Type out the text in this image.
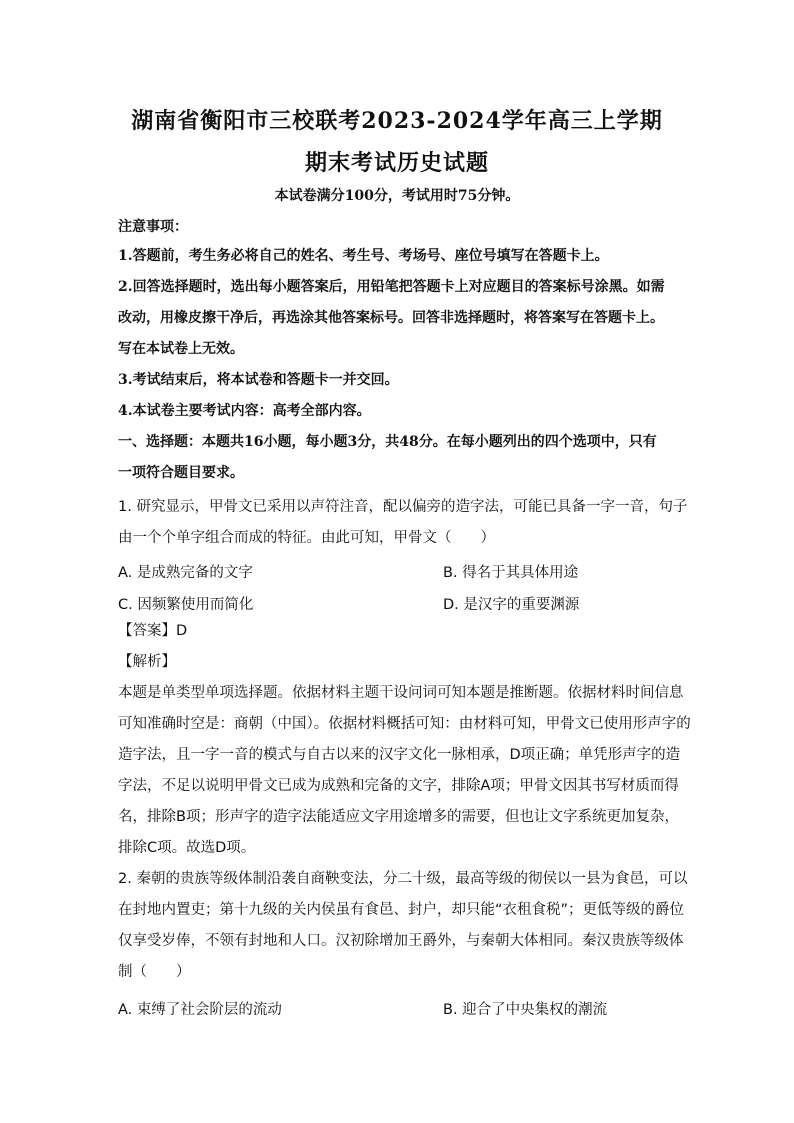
湖南省衡阳市三校联考2023-2024学年高三上学期
期末考试历史试题
本试卷满分100分，考试用时75分钟。
注意事项：
1.答题前，考生务必将自己的姓名、考生号、考场号、座位号填写在答题卡上。
2.回答选择题时，选出每小题答案后，用铅笔把答题卡上对应题目的答案标号涂黑。如需
改动，用橡皮擦干净后，再选涂其他答案标号。回答非选择题时，将答案写在答题卡上。
写在本试卷上无效。
3.考试结束后，将本试卷和答题卡一并交回。
4.本试卷主要考试内容：高考全部内容。
一、选择题：本题共16小题，每小题3分，共48分。在每小题列出的四个选项中，只有
一项符合题目要求。
1. 研究显示，甲骨文已采用以声符注音，配以偏旁的造字法，可能已具备一字一音，句子
由一个个单字组合而成的特征。由此可知，甲骨文（　　）
A. 是成熟完备的文字	B. 得名于其具体用途
C. 因频繁使用而简化	D. 是汉字的重要渊源
【答案】D
【解析】
本题是单类型单项选择题。依据材料主题干设问词可知本题是推断题。依据材料时间信息
可知准确时空是：商朝（中国）。依据材料概括可知：由材料可知，甲骨文已使用形声字的
造字法，且一字一音的模式与自古以来的汉字文化一脉相承，D项正确；单凭形声字的造
字法，不足以说明甲骨文已成为成熟和完备的文字，排除A项；甲骨文因其书写材质而得
名，排除B项；形声字的造字法能适应文字用途增多的需要，但也让文字系统更加复杂，
排除C项。故选D项。
2. 秦朝的贵族等级体制沿袭自商鞅变法，分二十级，最高等级的彻侯以一县为食邑，可以
在封地内置吏；第十九级的关内侯虽有食邑、封户，却只能“衣租食税”；更低等级的爵位
仅享受岁俸，不领有封地和人口。汉初除增加王爵外，与秦朝大体相同。秦汉贵族等级体
制（　　）
A. 束缚了社会阶层的流动	B. 迎合了中央集权的潮流
